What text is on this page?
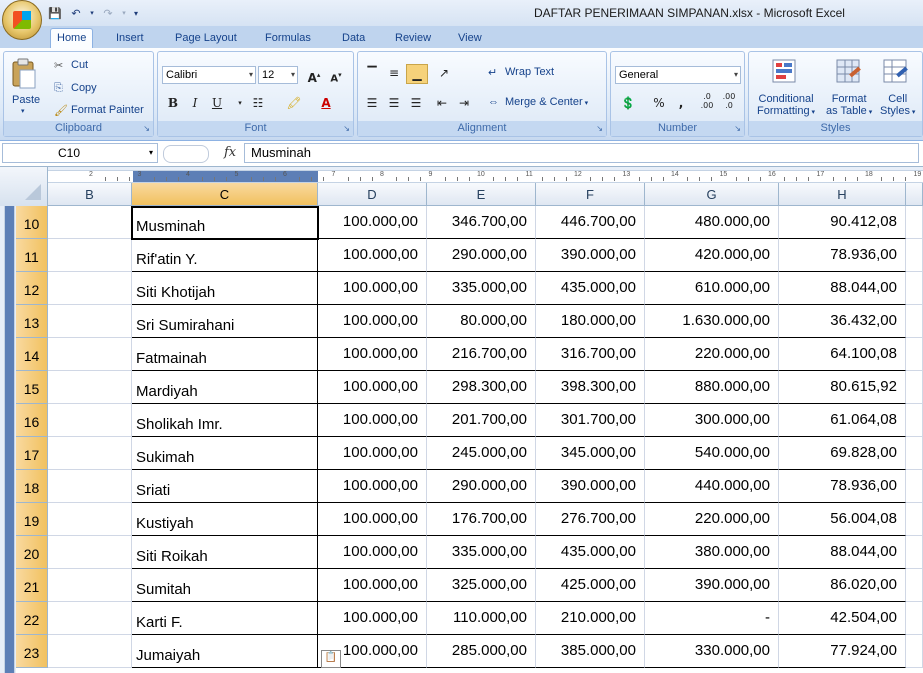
💾 ↶	▾ ↷	▾	▾	DAFTAR PENERIMAAN SIMPANAN.xlsx - Microsoft Excel
Home	Insert	Page Layout	Formulas	Data	Review	View
Paste
▾
✂ Cut
⎘ Copy
🖌 Format Painter
Clipboard	↘
Calibri	▾ 12 ▾ A▴ A▾
B	I	U	▾ ☷	🖍	A
Font	↘
▔	≡	▁	↗
☰ ☰ ☰	⇤ ⇥
↵ Wrap Text
⇔ Merge & Center ▾
Alignment	↘
General	▾
💲	%	,	.0
.00
.00
.0
Number	↘
Conditional
Formatting ▾
Format
as Table ▾
Cell
Styles ▾
Styles
C10	▾	fx	Musminah
2	3	4	5	6	7	8	9	10	11	12	13	14	15	16	17	18	19
B	C	D	E	F	G	H
10
11
12
13
14
15
16
17
18
19
20
21
22
23
Musminah	100.000,00	346.700,00	446.700,00	480.000,00	90.412,08
Rif'atin Y.	100.000,00	290.000,00	390.000,00	420.000,00	78.936,00
Siti Khotijah	100.000,00	335.000,00	435.000,00	610.000,00	88.044,00
Sri Sumirahani	100.000,00	80.000,00	180.000,00	1.630.000,00	36.432,00
Fatmainah	100.000,00	216.700,00	316.700,00	220.000,00	64.100,08
Mardiyah	100.000,00	298.300,00	398.300,00	880.000,00	80.615,92
Sholikah Imr.	100.000,00	201.700,00	301.700,00	300.000,00	61.064,08
Sukimah	100.000,00	245.000,00	345.000,00	540.000,00	69.828,00
Sriati	100.000,00	290.000,00	390.000,00	440.000,00	78.936,00
Kustiyah	100.000,00	176.700,00	276.700,00	220.000,00	56.004,08
Siti Roikah	100.000,00	335.000,00	435.000,00	380.000,00	88.044,00
Sumitah	100.000,00	325.000,00	425.000,00	390.000,00	86.020,00
Karti F.	100.000,00	110.000,00	210.000,00	-	42.504,00
Jumaiyah	100.000,00	285.000,00	385.000,00	330.000,00	77.924,00
📋
